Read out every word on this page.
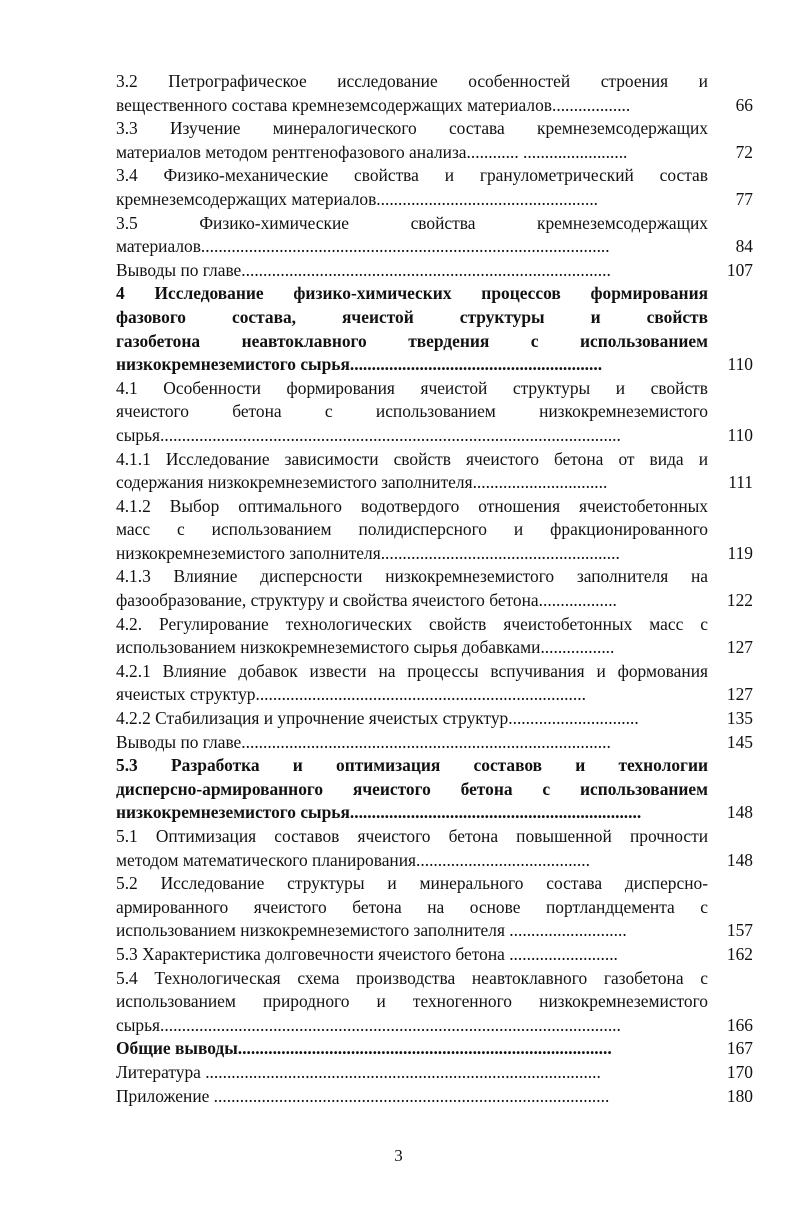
3.2 Петрографическое исследование особенностей строения и
вещественного состава кремнеземсодержащих материалов..................	66
3.3 Изучение минералогического состава кремнеземсодержащих
материалов методом рентгенофазового анализа............ ........................	72
3.4 Физико-механические свойства и гранулометрический состав
кремнеземсодержащих материалов...................................................	77
3.5 Физико-химические свойства кремнеземсодержащих
материалов..............................................................................................	84
Выводы по главе.....................................................................................	107
4 Исследование физико-химических процессов формирования
фазового состава, ячеистой структуры и свойств
газобетона неавтоклавного твердения с использованием
низкокремнеземистого сырья..........................................................	110
4.1 Особенности формирования ячеистой структуры и свойств
ячеистого бетона с использованием низкокремнеземистого
сырья..........................................................................................................	110
4.1.1 Исследование зависимости свойств ячеистого бетона от вида и
содержания низкокремнеземистого заполнителя...............................	111
4.1.2 Выбор оптимального водотвердого отношения ячеистобетонных
масс с использованием полидисперсного и фракционированного
низкокремнеземистого заполнителя.......................................................	119
4.1.3 Влияние дисперсности низкокремнеземистого заполнителя на
фазообразование, структуру и свойства ячеистого бетона..................	122
4.2. Регулирование технологических свойств ячеистобетонных масс с
использованием низкокремнеземистого сырья добавками.................	127
4.2.1 Влияние добавок извести на процессы вспучивания и формования
ячеистых структур............................................................................	127
4.2.2 Стабилизация и упрочнение ячеистых структур..............................	135
Выводы по главе.....................................................................................	145
5.3 Разработка и оптимизация составов и технологии
дисперсно-армированного ячеистого бетона с использованием
низкокремнеземистого сырья...................................................................	148
5.1 Оптимизация составов ячеистого бетона повышенной прочности
методом математического планирования........................................	148
5.2 Исследование структуры и минерального состава дисперсно-
армированного ячеистого бетона на основе портландцемента с
использованием низкокремнеземистого заполнителя ...........................	157
5.3 Характеристика долговечности ячеистого бетона .........................	162
5.4 Технологическая схема производства неавтоклавного газобетона с
использованием природного и техногенного низкокремнеземистого
сырья..........................................................................................................	166
Общие выводы......................................................................................	167
Литература ...........................................................................................	170
Приложение ...........................................................................................	180
3
